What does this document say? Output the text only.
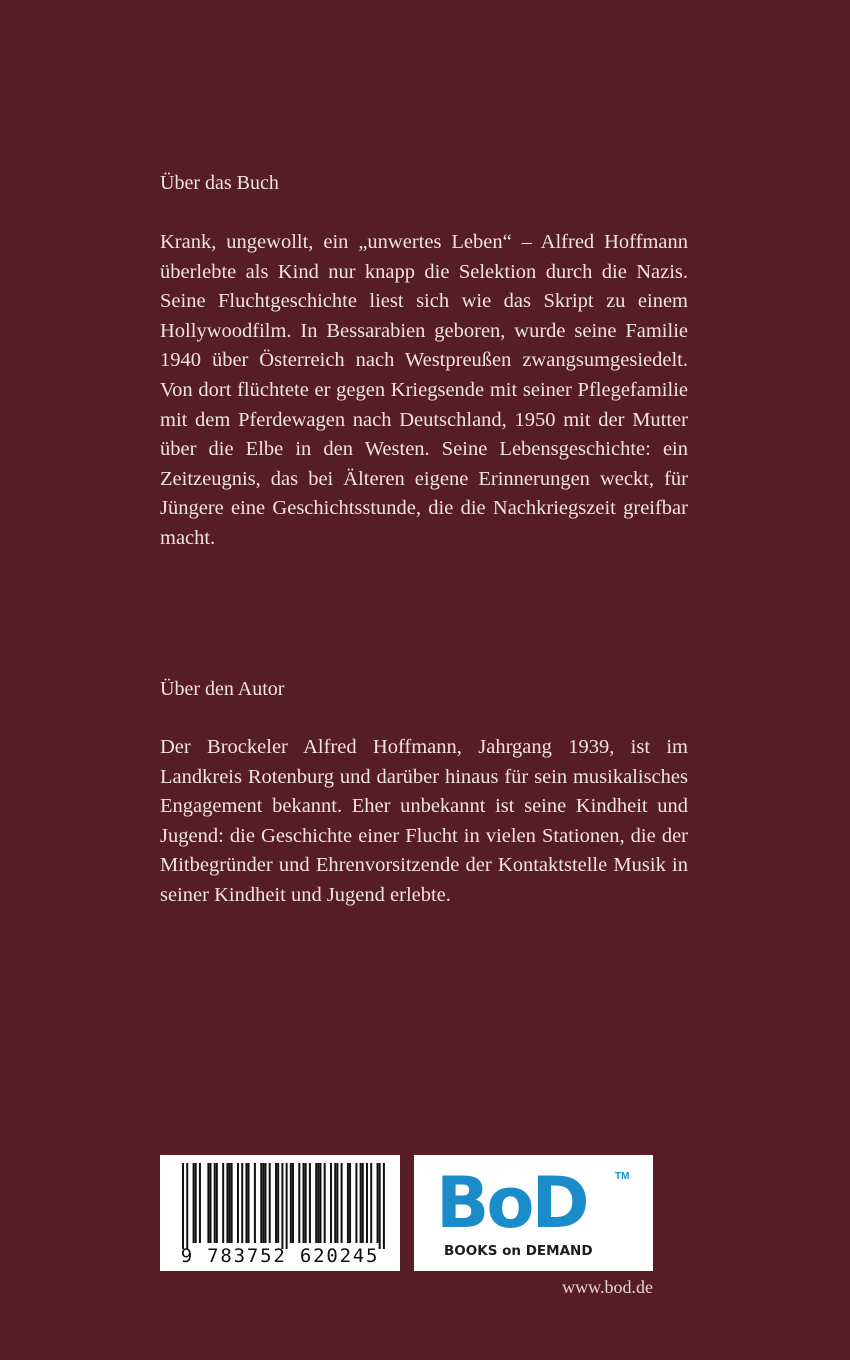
Über das Buch

Krank, ungewollt, ein „unwertes Leben“ – Alfred Hoffmann überlebte als Kind nur knapp die Selektion durch die Nazis. Seine Fluchtgeschichte liest sich wie das Skript zu einem Hollywoodfilm. In Bessarabien geboren, wurde seine Familie 1940 über Österreich nach Westpreußen zwangsumgesiedelt. Von dort flüchtete er gegen Kriegsende mit seiner Pflegefamilie mit dem Pferdewagen nach Deutschland, 1950 mit der Mutter über die Elbe in den Westen. Seine Lebensgeschichte: ein Zeitzeugnis, das bei Älteren eigene Erinnerungen weckt, für Jüngere eine Geschichtsstunde, die die Nachkriegszeit greifbar macht.

Über den Autor

Der Brockeler Alfred Hoffmann, Jahrgang 1939, ist im Landkreis Rotenburg und darüber hinaus für sein musikalisches Engagement bekannt. Eher unbekannt ist seine Kindheit und Jugend: die Geschichte einer Flucht in vielen Stationen, die der Mitbegründer und Ehrenvorsitzende der Kontaktstelle Musik in seiner Kindheit und Jugend erlebte.

9 783752 620245
BoD	TM
BOOKS on DEMAND
www.bod.de
